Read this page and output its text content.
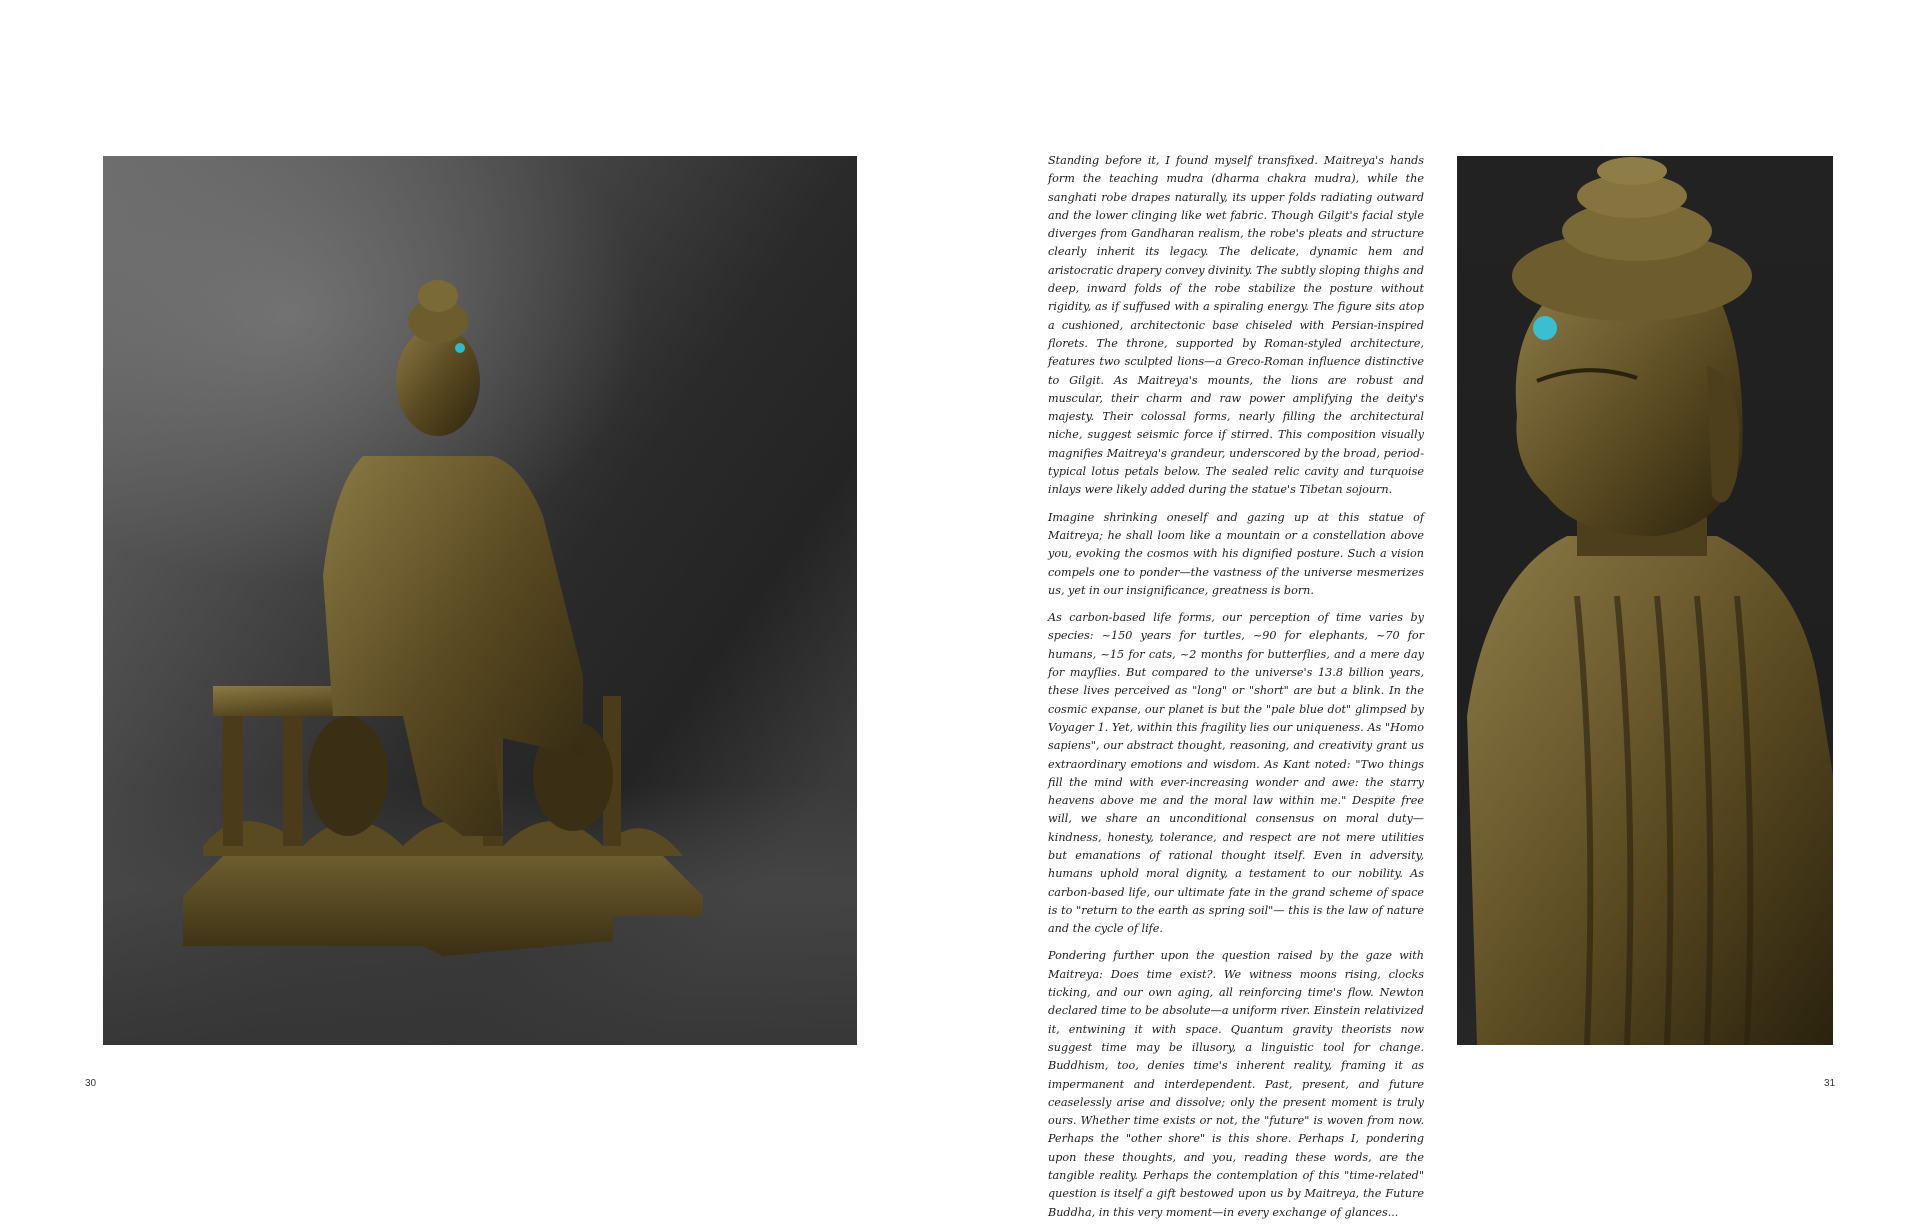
Standing before it, I found myself transfixed. Maitreya's hands form the teaching mudra (dharma chakra mudra), while the sanghati robe drapes naturally, its upper folds radiating outward and the lower clinging like wet fabric. Though Gilgit's facial style diverges from Gandharan realism, the robe's pleats and structure clearly inherit its legacy. The delicate, dynamic hem and aristocratic drapery convey divinity. The subtly sloping thighs and deep, inward folds of the robe stabilize the posture without rigidity, as if suffused with a spiraling energy. The figure sits atop a cushioned, architectonic base chiseled with Persian-inspired florets. The throne, supported by Roman-styled architecture, features two sculpted lions—a Greco-Roman influence distinctive to Gilgit. As Maitreya's mounts, the lions are robust and muscular, their charm and raw power amplifying the deity's majesty. Their colossal forms, nearly filling the architectural niche, suggest seismic force if stirred. This composition visually magnifies Maitreya's grandeur, underscored by the broad, period-typical lotus petals below. The sealed relic cavity and turquoise inlays were likely added during the statue's Tibetan sojourn.

Imagine shrinking oneself and gazing up at this statue of Maitreya; he shall loom like a mountain or a constellation above you, evoking the cosmos with his dignified posture. Such a vision compels one to ponder—the vastness of the universe mesmerizes us, yet in our insignificance, greatness is born.

As carbon-based life forms, our perception of time varies by species: ~150 years for turtles, ~90 for elephants, ~70 for humans, ~15 for cats, ~2 months for butterflies, and a mere day for mayflies. But compared to the universe's 13.8 billion years, these lives perceived as "long" or "short" are but a blink. In the cosmic expanse, our planet is but the "pale blue dot" glimpsed by Voyager 1. Yet, within this fragility lies our uniqueness. As "Homo sapiens", our abstract thought, reasoning, and creativity grant us extraordinary emotions and wisdom. As Kant noted: "Two things fill the mind with ever-increasing wonder and awe: the starry heavens above me and the moral law within me." Despite free will, we share an unconditional consensus on moral duty—kindness, honesty, tolerance, and respect are not mere utilities but emanations of rational thought itself. Even in adversity, humans uphold moral dignity, a testament to our nobility. As carbon-based life, our ultimate fate in the grand scheme of space is to "return to the earth as spring soil"— this is the law of nature and the cycle of life.

Pondering further upon the question raised by the gaze with Maitreya: Does time exist?. We witness moons rising, clocks ticking, and our own aging, all reinforcing time's flow. Newton declared time to be absolute—a uniform river. Einstein relativized it, entwining it with space. Quantum gravity theorists now suggest time may be illusory, a linguistic tool for change. Buddhism, too, denies time's inherent reality, framing it as impermanent and interdependent. Past, present, and future ceaselessly arise and dissolve; only the present moment is truly ours. Whether time exists or not, the "future" is woven from now. Perhaps the "other shore" is this shore. Perhaps I, pondering upon these thoughts, and you, reading these words, are the tangible reality. Perhaps the contemplation of this "time-related" question is itself a gift bestowed upon us by Maitreya, the Future Buddha, in this very moment—in every exchange of glances...

30	31
